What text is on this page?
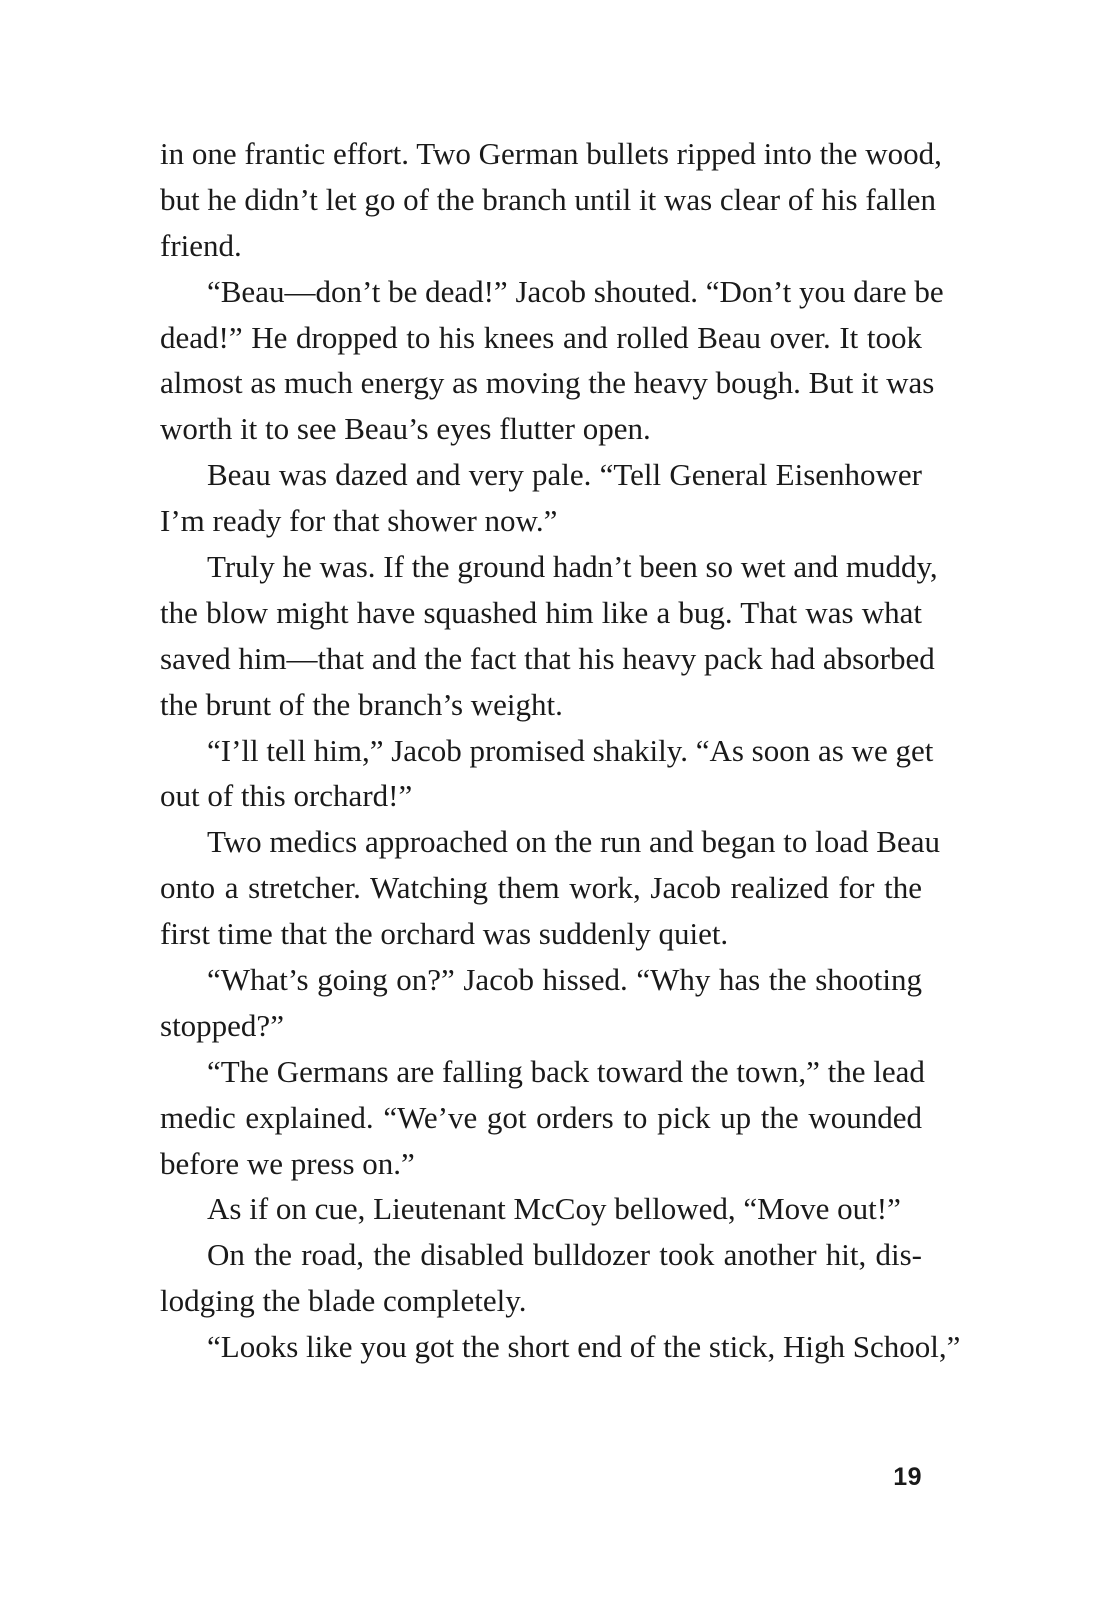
in one frantic effort. Two German bullets ripped into the wood,
but he didn’t let go of the branch until it was clear of his fallen
friend.
“Beau—don’t be dead!” Jacob shouted. “Don’t you dare be
dead!” He dropped to his knees and rolled Beau over. It took
almost as much energy as moving the heavy bough. But it was
worth it to see Beau’s eyes flutter open.
Beau was dazed and very pale. “Tell General Eisenhower
I’m ready for that shower now.”
Truly he was. If the ground hadn’t been so wet and muddy,
the blow might have squashed him like a bug. That was what
saved him—that and the fact that his heavy pack had absorbed
the brunt of the branch’s weight.
“I’ll tell him,” Jacob promised shakily. “As soon as we get
out of this orchard!”
Two medics approached on the run and began to load Beau
onto a stretcher. Watching them work, Jacob realized for the
first time that the orchard was suddenly quiet.
“What’s going on?” Jacob hissed. “Why has the shooting
stopped?”
“The Germans are falling back toward the town,” the lead
medic explained. “We’ve got orders to pick up the wounded
before we press on.”
As if on cue, Lieutenant McCoy bellowed, “Move out!”
On the road, the disabled bulldozer took another hit, dis-
lodging the blade completely.
“Looks like you got the short end of the stick, High School,”
19
